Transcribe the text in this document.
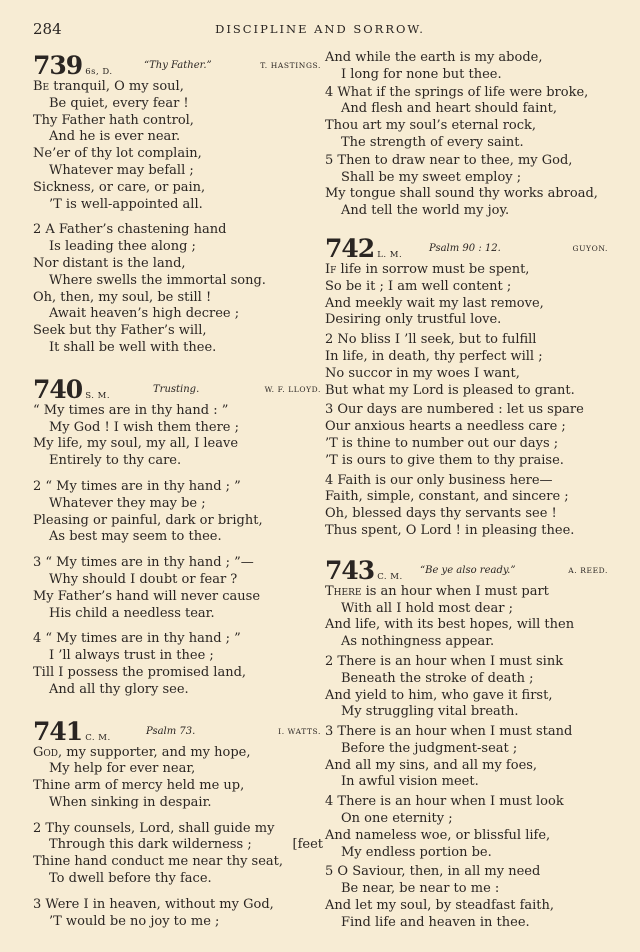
284	DISCIPLINE AND SORROW.
739 6s, D.
“Thy Father.”	T. HASTINGS.
Be tranquil, O my soul,
Be quiet, every fear !
Thy Father hath control,
And he is ever near.
Ne’er of thy lot complain,
Whatever may befall ;
Sickness, or care, or pain,
’T is well-appointed all.
2 A Father’s chastening hand
Is leading thee along ;
Nor distant is the land,
Where swells the immortal song.
Oh, then, my soul, be still !
Await heaven’s high decree ;
Seek but thy Father’s will,
It shall be well with thee.
740 S. M.
Trusting.	W. F. LLOYD.
“ My times are in thy hand : ”
My God ! I wish them there ;
My life, my soul, my all, I leave
Entirely to thy care.
2 “ My times are in thy hand ; ”
Whatever they may be ;
Pleasing or painful, dark or bright,
As best may seem to thee.
3 “ My times are in thy hand ; ”—
Why should I doubt or fear ?
My Father’s hand will never cause
His child a needless tear.
4 “ My times are in thy hand ; ”
I ’ll always trust in thee ;
Till I possess the promised land,
And all thy glory see.
741 C. M.
Psalm 73.	I. WATTS.
God, my supporter, and my hope,
My help for ever near,
Thine arm of mercy held me up,
When sinking in despair.
2 Thy counsels, Lord, shall guide my
Through this dark wilderness ;	[feet
Thine hand conduct me near thy seat,
To dwell before thy face.
3 Were I in heaven, without my God,
’T would be no joy to me ;
And while the earth is my abode,
I long for none but thee.
4 What if the springs of life were broke,
And flesh and heart should faint,
Thou art my soul’s eternal rock,
The strength of every saint.
5 Then to draw near to thee, my God,
Shall be my sweet employ ;
My tongue shall sound thy works abroad,
And tell the world my joy.
742 L. M.
Psalm 90 : 12.	GUYON.
If life in sorrow must be spent,
So be it ; I am well content ;
And meekly wait my last remove,
Desiring only trustful love.
2 No bliss I ’ll seek, but to fulfill
In life, in death, thy perfect will ;
No succor in my woes I want,
But what my Lord is pleased to grant.
3 Our days are numbered : let us spare
Our anxious hearts a needless care ;
’T is thine to number out our days ;
’T is ours to give them to thy praise.
4 Faith is our only business here—
Faith, simple, constant, and sincere ;
Oh, blessed days thy servants see !
Thus spent, O Lord ! in pleasing thee.
743 C. M.
“Be ye also ready.”	A. REED.
There is an hour when I must part
With all I hold most dear ;
And life, with its best hopes, will then
As nothingness appear.
2 There is an hour when I must sink
Beneath the stroke of death ;
And yield to him, who gave it first,
My struggling vital breath.
3 There is an hour when I must stand
Before the judgment-seat ;
And all my sins, and all my foes,
In awful vision meet.
4 There is an hour when I must look
On one eternity ;
And nameless woe, or blissful life,
My endless portion be.
5 O Saviour, then, in all my need
Be near, be near to me :
And let my soul, by steadfast faith,
Find life and heaven in thee.
